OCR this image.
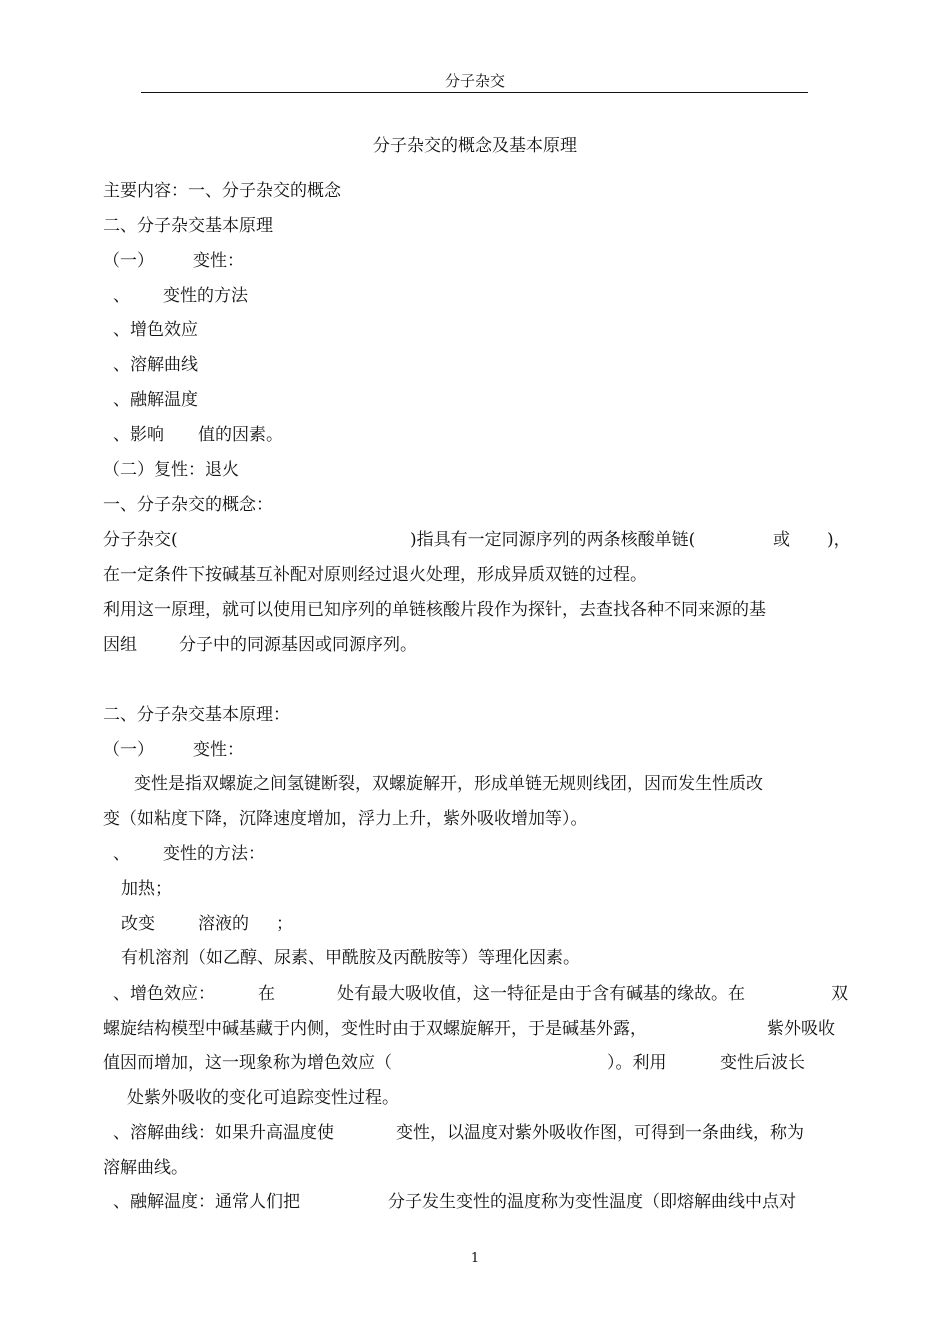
分子杂交
分子杂交的概念及基本原理
主要内容：一、分子杂交的概念
二、分子杂交基本原理
（一） 变性：
、 变性的方法
、增色效应
、溶解曲线
、融解温度
、影响 值的因素。
（二）复性：退火
一、分子杂交的概念：
分子杂交(	)指具有一定同源序列的两条核酸单链(	或 )，
在一定条件下按碱基互补配对原则经过退火处理，形成异质双链的过程。
利用这一原理，就可以使用已知序列的单链核酸片段作为探针，去查找各种不同来源的基
因组 分子中的同源基因或同源序列。
二、分子杂交基本原理：
（一） 变性：
变性是指双螺旋之间氢键断裂，双螺旋解开，形成单链无规则线团，因而发生性质改
变（如粘度下降，沉降速度增加，浮力上升，紫外吸收增加等）。
、 变性的方法：
加热；
改变	溶液的 ；
有机溶剂（如乙醇、尿素、甲酰胺及丙酰胺等）等理化因素。
、增色效应：	在	处有最大吸收值，这一特征是由于含有碱基的缘故。在	双
螺旋结构模型中碱基藏于内侧，变性时由于双螺旋解开，于是碱基外露，	紫外吸收
值因而增加，这一现象称为增色效应（	）。利用	变性后波长
处紫外吸收的变化可追踪变性过程。
、溶解曲线：如果升高温度使	变性，以温度对紫外吸收作图，可得到一条曲线，称为
溶解曲线。
、融解温度：通常人们把	分子发生变性的温度称为变性温度（即熔解曲线中点对
1
